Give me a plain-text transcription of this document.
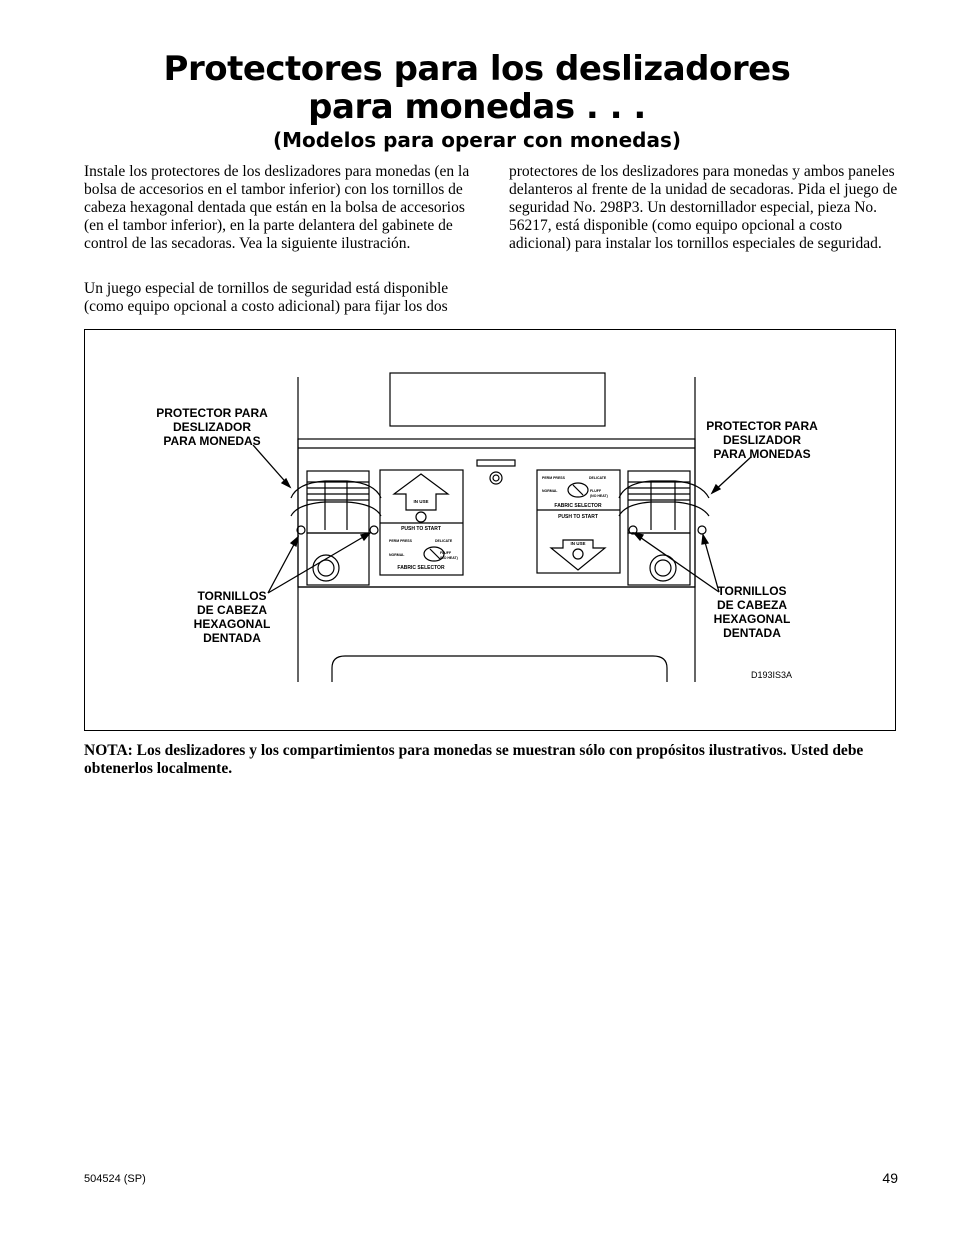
Protectores para los deslizadores
para monedas . . .
(Modelos para operar con monedas)

Instale los protectores de los deslizadores para monedas (en la bolsa de accesorios en el tambor inferior) con los tornillos de cabeza hexagonal dentada que están en la bolsa de accesorios (en el tambor inferior), en la parte delantera del gabinete de control de las secadoras. Vea la siguiente ilustración.

Un juego especial de tornillos de seguridad está disponible (como equipo opcional a costo adicional) para fijar los dos

protectores de los deslizadores para monedas y ambos paneles delanteros al frente de la unidad de secadoras. Pida el juego de seguridad No. 298P3. Un destornillador especial, pieza No. 56217, está disponible (como equipo opcional a costo adicional) para instalar los tornillos especiales de seguridad.

IN USE
PUSH TO START
PERM PRESS	DELICATE
NORMAL	FLUFF
(NO HEAT)
FABRIC SELECTOR
PERM PRESS	DELICATE
NORMAL	FLUFF
(NO HEAT)
FABRIC SELECTOR
PUSH TO START
IN USE
PROTECTOR PARA
DESLIZADOR
PARA MONEDAS
PROTECTOR PARA
DESLIZADOR
PARA MONEDAS
TORNILLOS
DE CABEZA
HEXAGONAL
DENTADA
TORNILLOS
DE CABEZA
HEXAGONAL
DENTADA
D193IS3A

NOTA: Los deslizadores y los compartimientos para monedas se muestran sólo con propósitos ilustrativos. Usted debe obtenerlos localmente.

504524 (SP)	49
